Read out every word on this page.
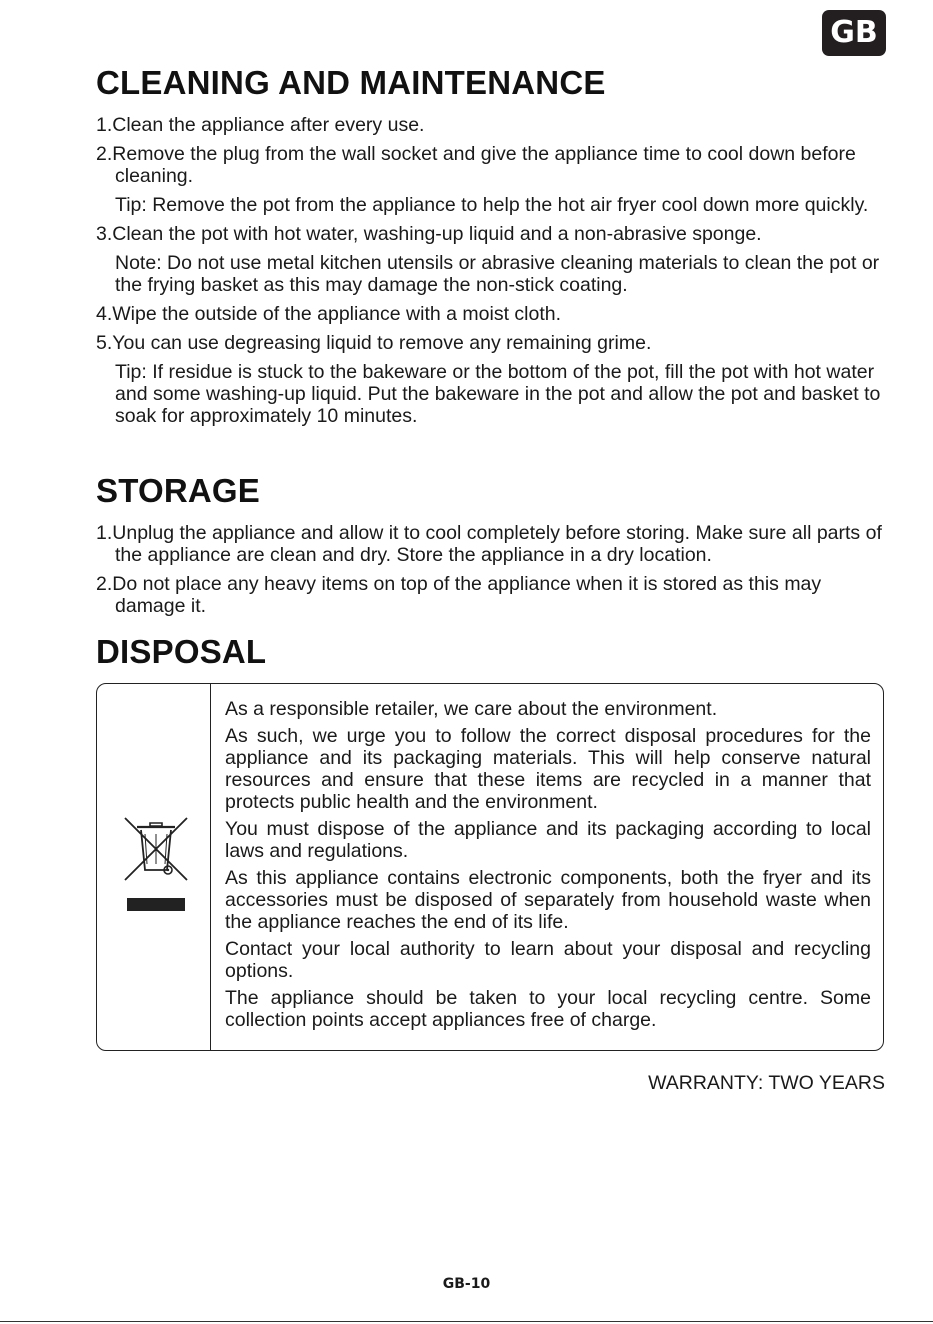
GB
CLEANING AND MAINTENANCE
1.Clean the appliance after every use.
2.Remove the plug from the wall socket and give the appliance time to cool down before cleaning.
Tip: Remove the pot from the appliance to help the hot air fryer cool down more quickly.
3.Clean the pot with hot water, washing-up liquid and a non-abrasive sponge.
Note: Do not use metal kitchen utensils or abrasive cleaning materials to clean the pot or the frying basket as this may damage the non-stick coating.
4.Wipe the outside of the appliance with a moist cloth.
5.You can use degreasing liquid to remove any remaining grime.
Tip: If residue is stuck to the bakeware or the bottom of the pot, fill the pot with hot water and some washing-up liquid. Put the bakeware in the pot and allow the pot and basket to soak for approximately 10 minutes.
STORAGE
1.Unplug the appliance and allow it to cool completely before storing. Make sure all parts of the appliance are clean and dry. Store the appliance in a dry location.
2.Do not place any heavy items on top of the appliance when it is stored as this may damage it.
DISPOSAL

As a responsible retailer, we care about the environment.

As such, we urge you to follow the correct disposal procedures for the appliance and its packaging materials. This will help conserve natural resources and ensure that these items are recycled in a manner that protects public health and the environment.

You must dispose of the appliance and its packaging according to local laws and regulations.

As this appliance contains electronic components, both the fryer and its accessories must be disposed of separately from household waste when the appliance reaches the end of its life.

Contact your local authority to learn about your disposal and recycling options.

The appliance should be taken to your local recycling centre. Some collection points accept appliances free of charge.

WARRANTY: TWO YEARS
GB-10
